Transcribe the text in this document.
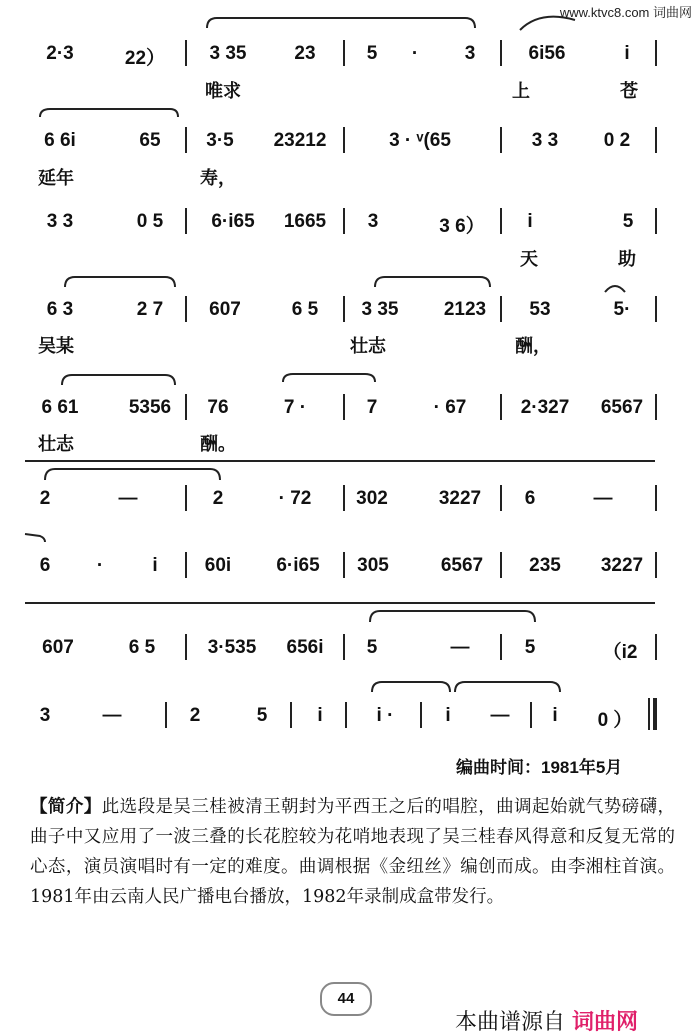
www.ktvc8.com 词曲网
2·3	22） 3 35	23	5 · 3	6i56	i
唯求	上	苍
6 6i	65 3·5 23212	3 · ᵛ(65	3 3 0 2
延年	寿，
3 3	0 5	6·i65 1665 3	3 6） i	5
天	助
6 3	2 7 607	6 5 3 35 2123 53	5·
吴某	壮志	酬，
6 61	5356 76	7 ·	7	· 67	2·327 6567
壮志	酬。
2	—	2	· 72 302	3227 6	—
6 ·	i 60i 6·i65 305	6567 235 3227
607	6 5	3·535 656i 5	—	5	（i2
3	—	2	5	i	i ·	i — i 0 ）
编曲时间：1981年5月
【简介】此选段是吴三桂被清王朝封为平西王之后的唱腔，曲调起始就气势磅礴，曲子中又应用了一波三叠的长花腔较为花哨地表现了吴三桂春风得意和反复无常的心态，演员演唱时有一定的难度。曲调根据《金纽丝》编创而成。由李湘柱首演。1981年由云南人民广播电台播放，1982年录制成盒带发行。
44
本曲谱源自 词曲网
